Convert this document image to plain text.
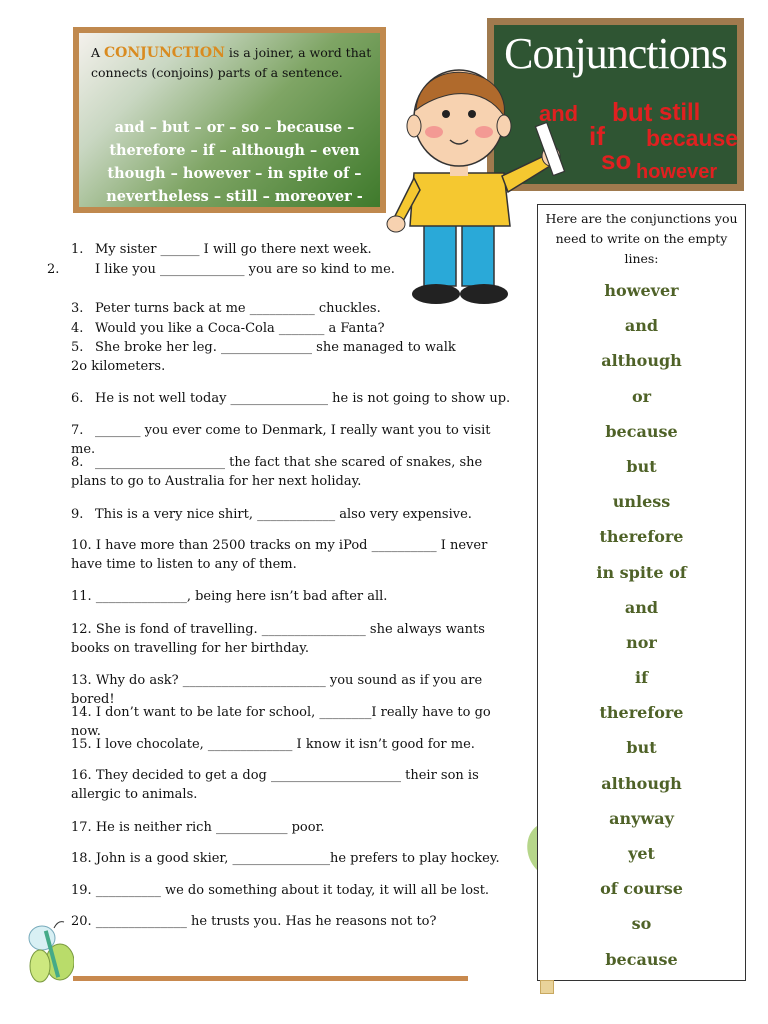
A CONJUNCTION is a joiner, a word that connects (conjoins) parts of a sentence.
and – but – or – so – because –
therefore – if – although – even
though – however – in spite of –
nevertheless – still – moreover -
Conjunctions
and but still
if because
so however
1. My sister ______ I will go there next week.
2.	I like you _____________ you are so kind to me.
3. Peter turns back at me __________ chuckles.
4. Would you like a Coca-Cola _______ a Fanta?
5. She broke her leg. ______________ she managed to walk 2o kilometers.
6. He is not well today _______________ he is not going to show up.
7. _______ you ever come to Denmark, I really want you to visit me.
8. ____________________ the fact that she scared of snakes, she plans to go to Australia for her next holiday.
9. This is a very nice shirt, ____________ also very expensive.
10. I have more than 2500 tracks on my iPod __________ I never have time to listen to any of them.
11. ______________, being here isn’t bad after all.
12. She is fond of travelling. ________________ she always wants books on travelling for her birthday.
13. Why do ask? ______________________ you sound as if you are bored!
14. I don’t want to be late for school, ________I really have to go now.
15. I love chocolate, _____________ I know it isn’t good for me.
16. They decided to get a dog ____________________ their son is allergic to animals.
17. He is neither rich ___________ poor.
18. John is a good skier, _______________he prefers to play hockey.
19. __________ we do something about it today, it will all be lost.
20. ______________ he trusts you. Has he reasons not to?
Here are the conjunctions you need to write on the empty lines:
however
and
although
or
because
but
unless
therefore
in spite of
and
nor
if
therefore
but
although
anyway
yet
of course
so
because
